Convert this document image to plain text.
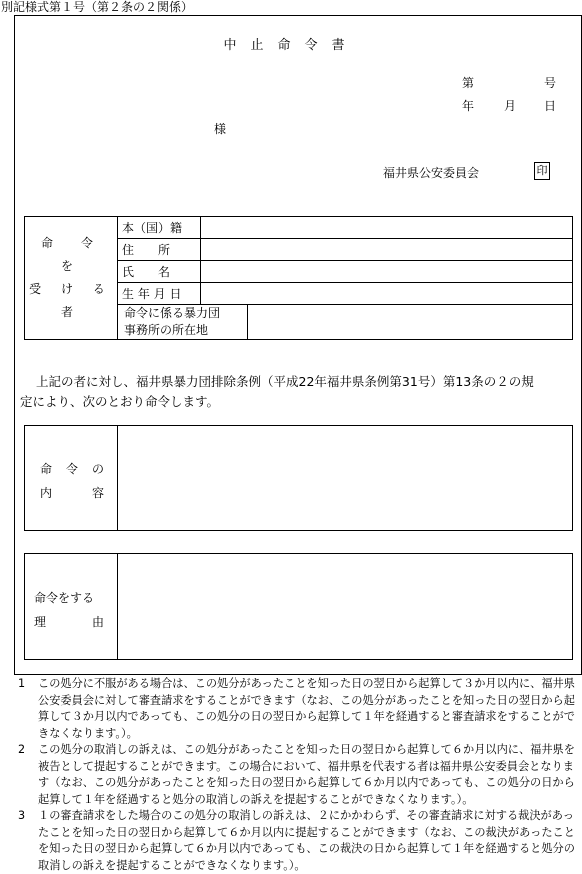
別記様式第１号（第２条の２関係）
中止命令書
第	号
年 月 日
様
福井県公安委員会	印
命　令　を
受 け る 者	本（国）籍		
	住　　所		
	氏　　名		
	生 年 月 日		

	命令に係る暴力団
事務所の所在地		

上記の者に対し、福井県暴力団排除条例（平成22年福井県条例第31号）第13条の２の規
定により、次のとおり命令します。
命 令 の
内	容
命令をする
理	由

1 この処分に不服がある場合は、この処分があったことを知った日の翌日から起算して３か月以内に、福井県公安委員会に対して審査請求をすることができます（なお、この処分があったことを知った日の翌日から起算して３か月以内であっても、この処分の日の翌日から起算して１年を経過すると審査請求をすることができなくなります。）。

2 この処分の取消しの訴えは、この処分があったことを知った日の翌日から起算して６か月以内に、福井県を被告として提起することができます。この場合において、福井県を代表する者は福井県公安委員会となります（なお、この処分があったことを知った日の翌日から起算して６か月以内であっても、この処分の日から起算して１年を経過すると処分の取消しの訴えを提起することができなくなります。）。

3 １の審査請求をした場合のこの処分の取消しの訴えは、２にかかわらず、その審査請求に対する裁決があったことを知った日の翌日から起算して６か月以内に提起することができます（なお、この裁決があったことを知った日の翌日から起算して６か月以内であっても、この裁決の日から起算して１年を経過すると処分の取消しの訴えを提起することができなくなります。）。
